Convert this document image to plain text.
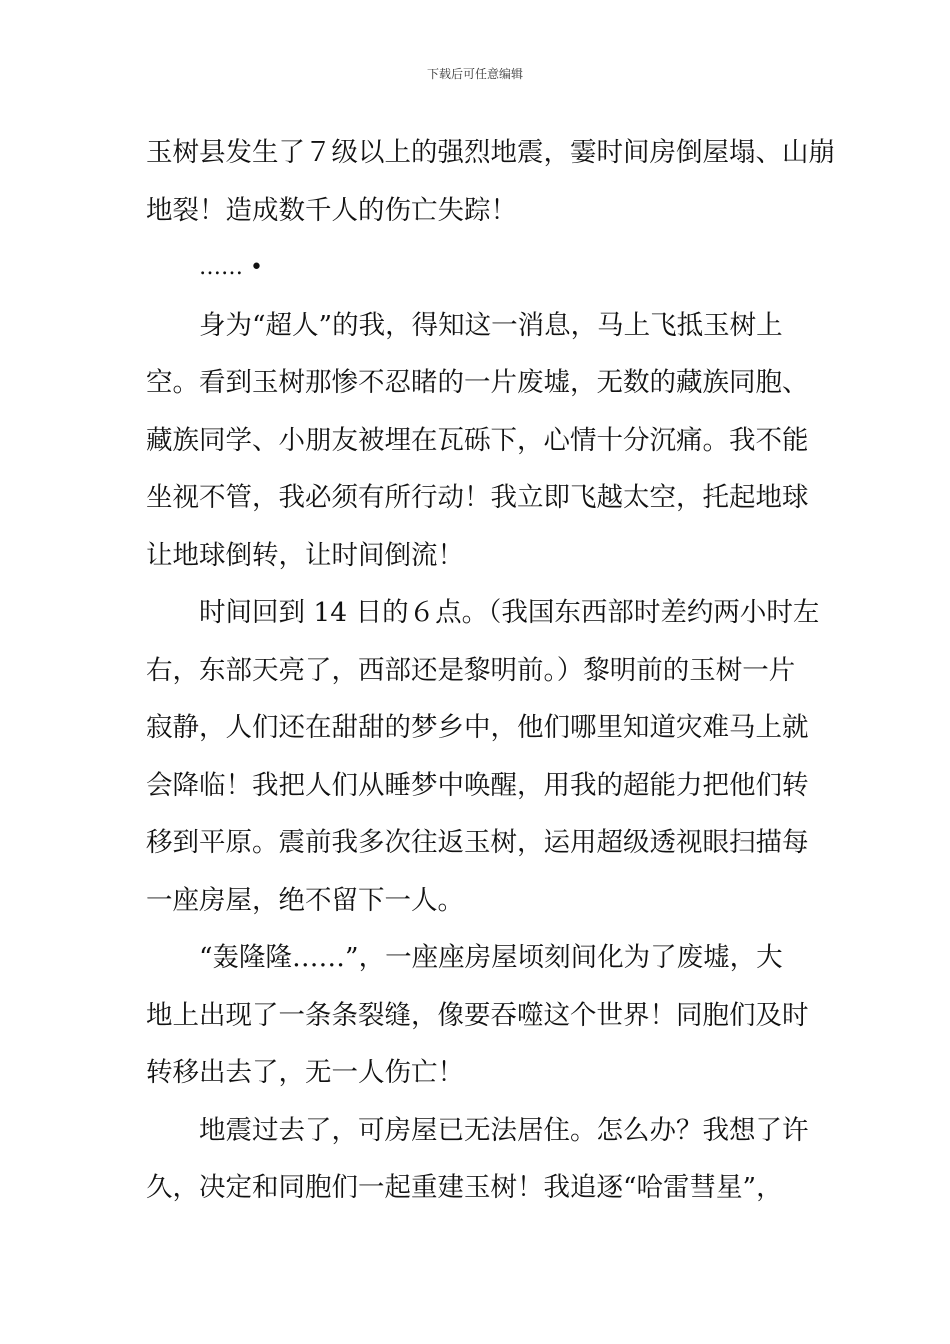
下载后可任意编辑
玉树县发生了７级以上的强烈地震，霎时间房倒屋塌、山崩
地裂！造成数千人的伤亡失踪！
…… •
身为“超人”的我，得知这一消息，马上飞抵玉树上
空。看到玉树那惨不忍睹的一片废墟，无数的藏族同胞、
藏族同学、小朋友被埋在瓦砾下，心情十分沉痛。我不能
坐视不管，我必须有所行动！我立即飞越太空，托起地球
让地球倒转，让时间倒流！
时间回到 14 日的６点。（我国东西部时差约两小时左
右，东部天亮了，西部还是黎明前。）黎明前的玉树一片
寂静，人们还在甜甜的梦乡中，他们哪里知道灾难马上就
会降临！我把人们从睡梦中唤醒，用我的超能力把他们转
移到平原。震前我多次往返玉树，运用超级透视眼扫描每
一座房屋，绝不留下一人。
“轰隆隆……”，一座座房屋顷刻间化为了废墟，大
地上出现了一条条裂缝，像要吞噬这个世界！同胞们及时
转移出去了，无一人伤亡！
地震过去了，可房屋已无法居住。怎么办？我想了许
久，决定和同胞们一起重建玉树！我追逐“哈雷彗星”，
